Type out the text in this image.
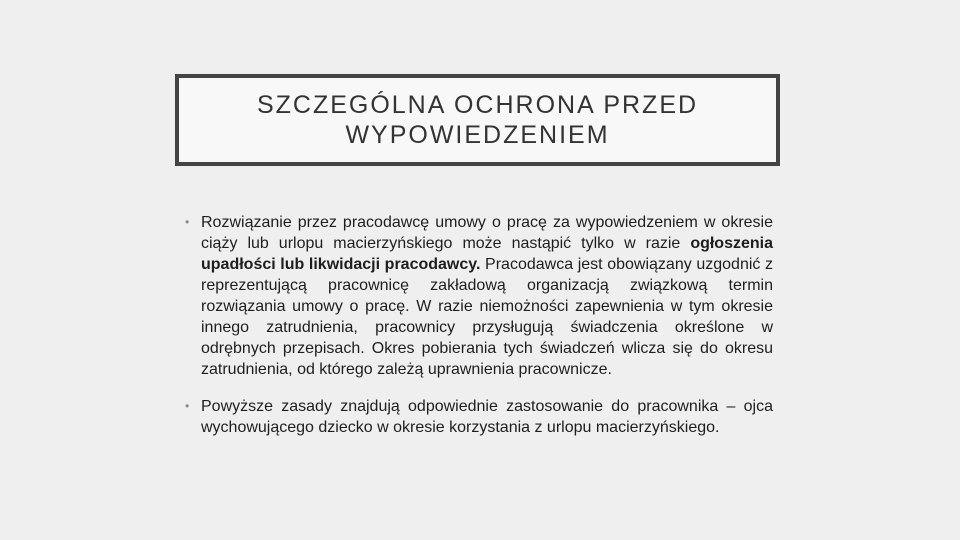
SZCZEGÓLNA OCHRONA PRZED
WYPOWIEDZENIEM
• Rozwiązanie przez pracodawcę umowy o pracę za wypowiedzeniem w okresie ciąży lub urlopu macierzyńskiego może nastąpić tylko w razie ogłoszenia upadłości lub likwidacji pracodawcy. Pracodawca jest obowiązany uzgodnić z reprezentującą pracownicę zakładową organizacją związkową termin rozwiązania umowy o pracę. W razie niemożności zapewnienia w tym okresie innego zatrudnienia, pracownicy przysługują świadczenia określone w odrębnych przepisach. Okres pobierania tych świadczeń wlicza się do okresu zatrudnienia, od którego zależą uprawnienia pracownicze.
• Powyższe zasady znajdują odpowiednie zastosowanie do pracownika – ojca wychowującego dziecko w okresie korzystania z urlopu macierzyńskiego.
